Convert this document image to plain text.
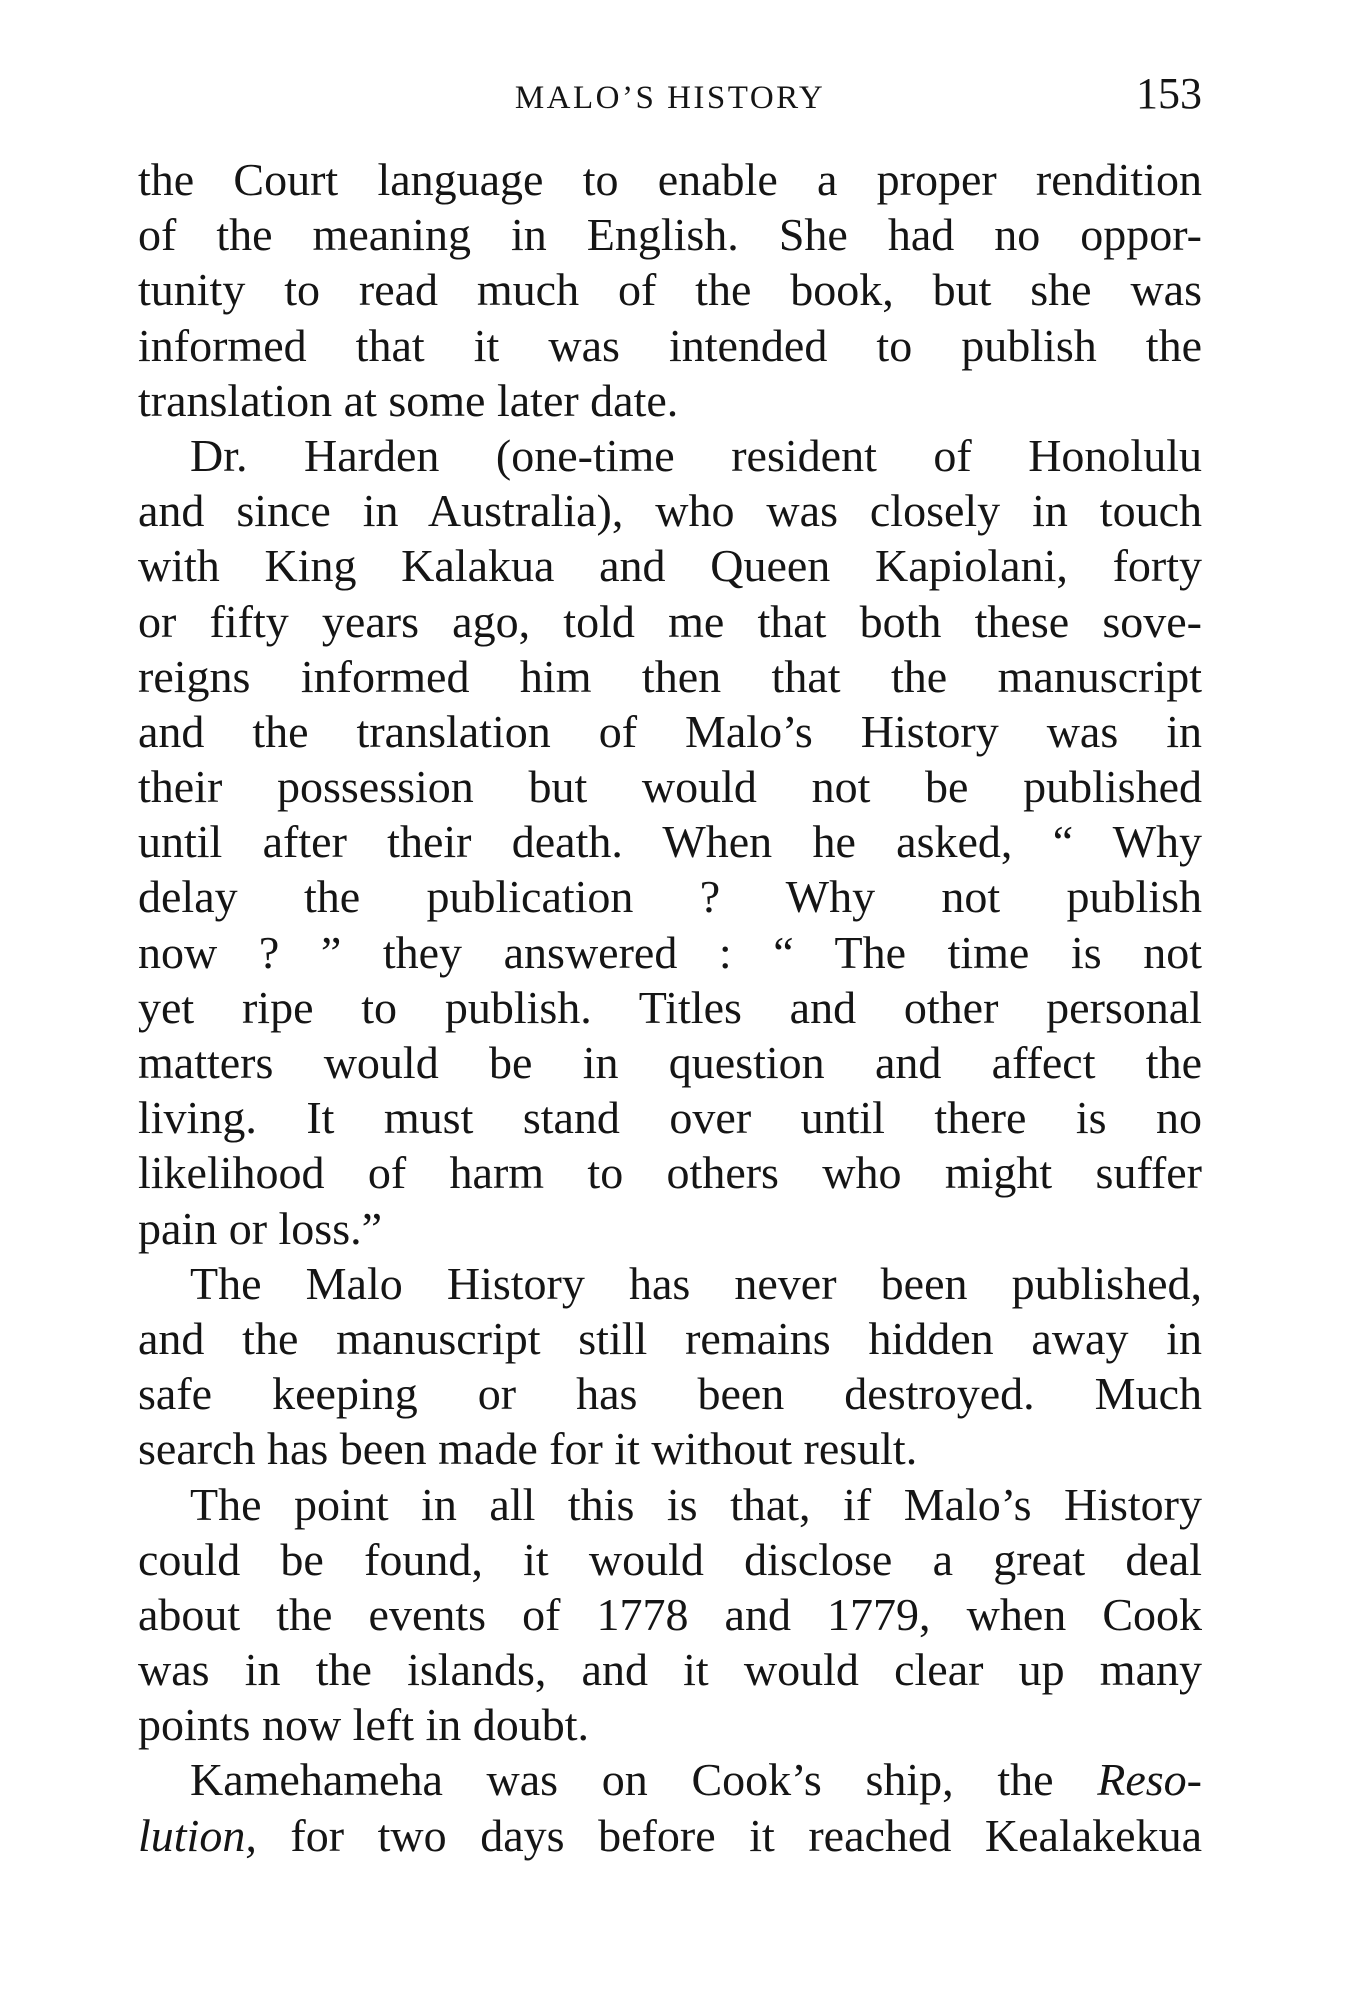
MALO’S HISTORY	153
the Court language to enable a proper rendition
of the meaning in English. She had no oppor-
tunity to read much of the book, but she was
informed that it was intended to publish the
translation at some later date.
Dr. Harden (one-time resident of Honolulu
and since in Australia), who was closely in touch
with King Kalakua and Queen Kapiolani, forty
or fifty years ago, told me that both these sove-
reigns informed him then that the manuscript
and the translation of Malo’s History was in
their possession but would not be published
until after their death. When he asked, “ Why
delay the publication ? Why not publish
now ? ” they answered : “ The time is not
yet ripe to publish. Titles and other personal
matters would be in question and affect the
living. It must stand over until there is no
likelihood of harm to others who might suffer
pain or loss.”
The Malo History has never been published,
and the manuscript still remains hidden away in
safe keeping or has been destroyed. Much
search has been made for it without result.
The point in all this is that, if Malo’s History
could be found, it would disclose a great deal
about the events of 1778 and 1779, when Cook
was in the islands, and it would clear up many
points now left in doubt.
Kamehameha was on Cook’s ship, the Reso-
lution, for two days before it reached Kealakekua
